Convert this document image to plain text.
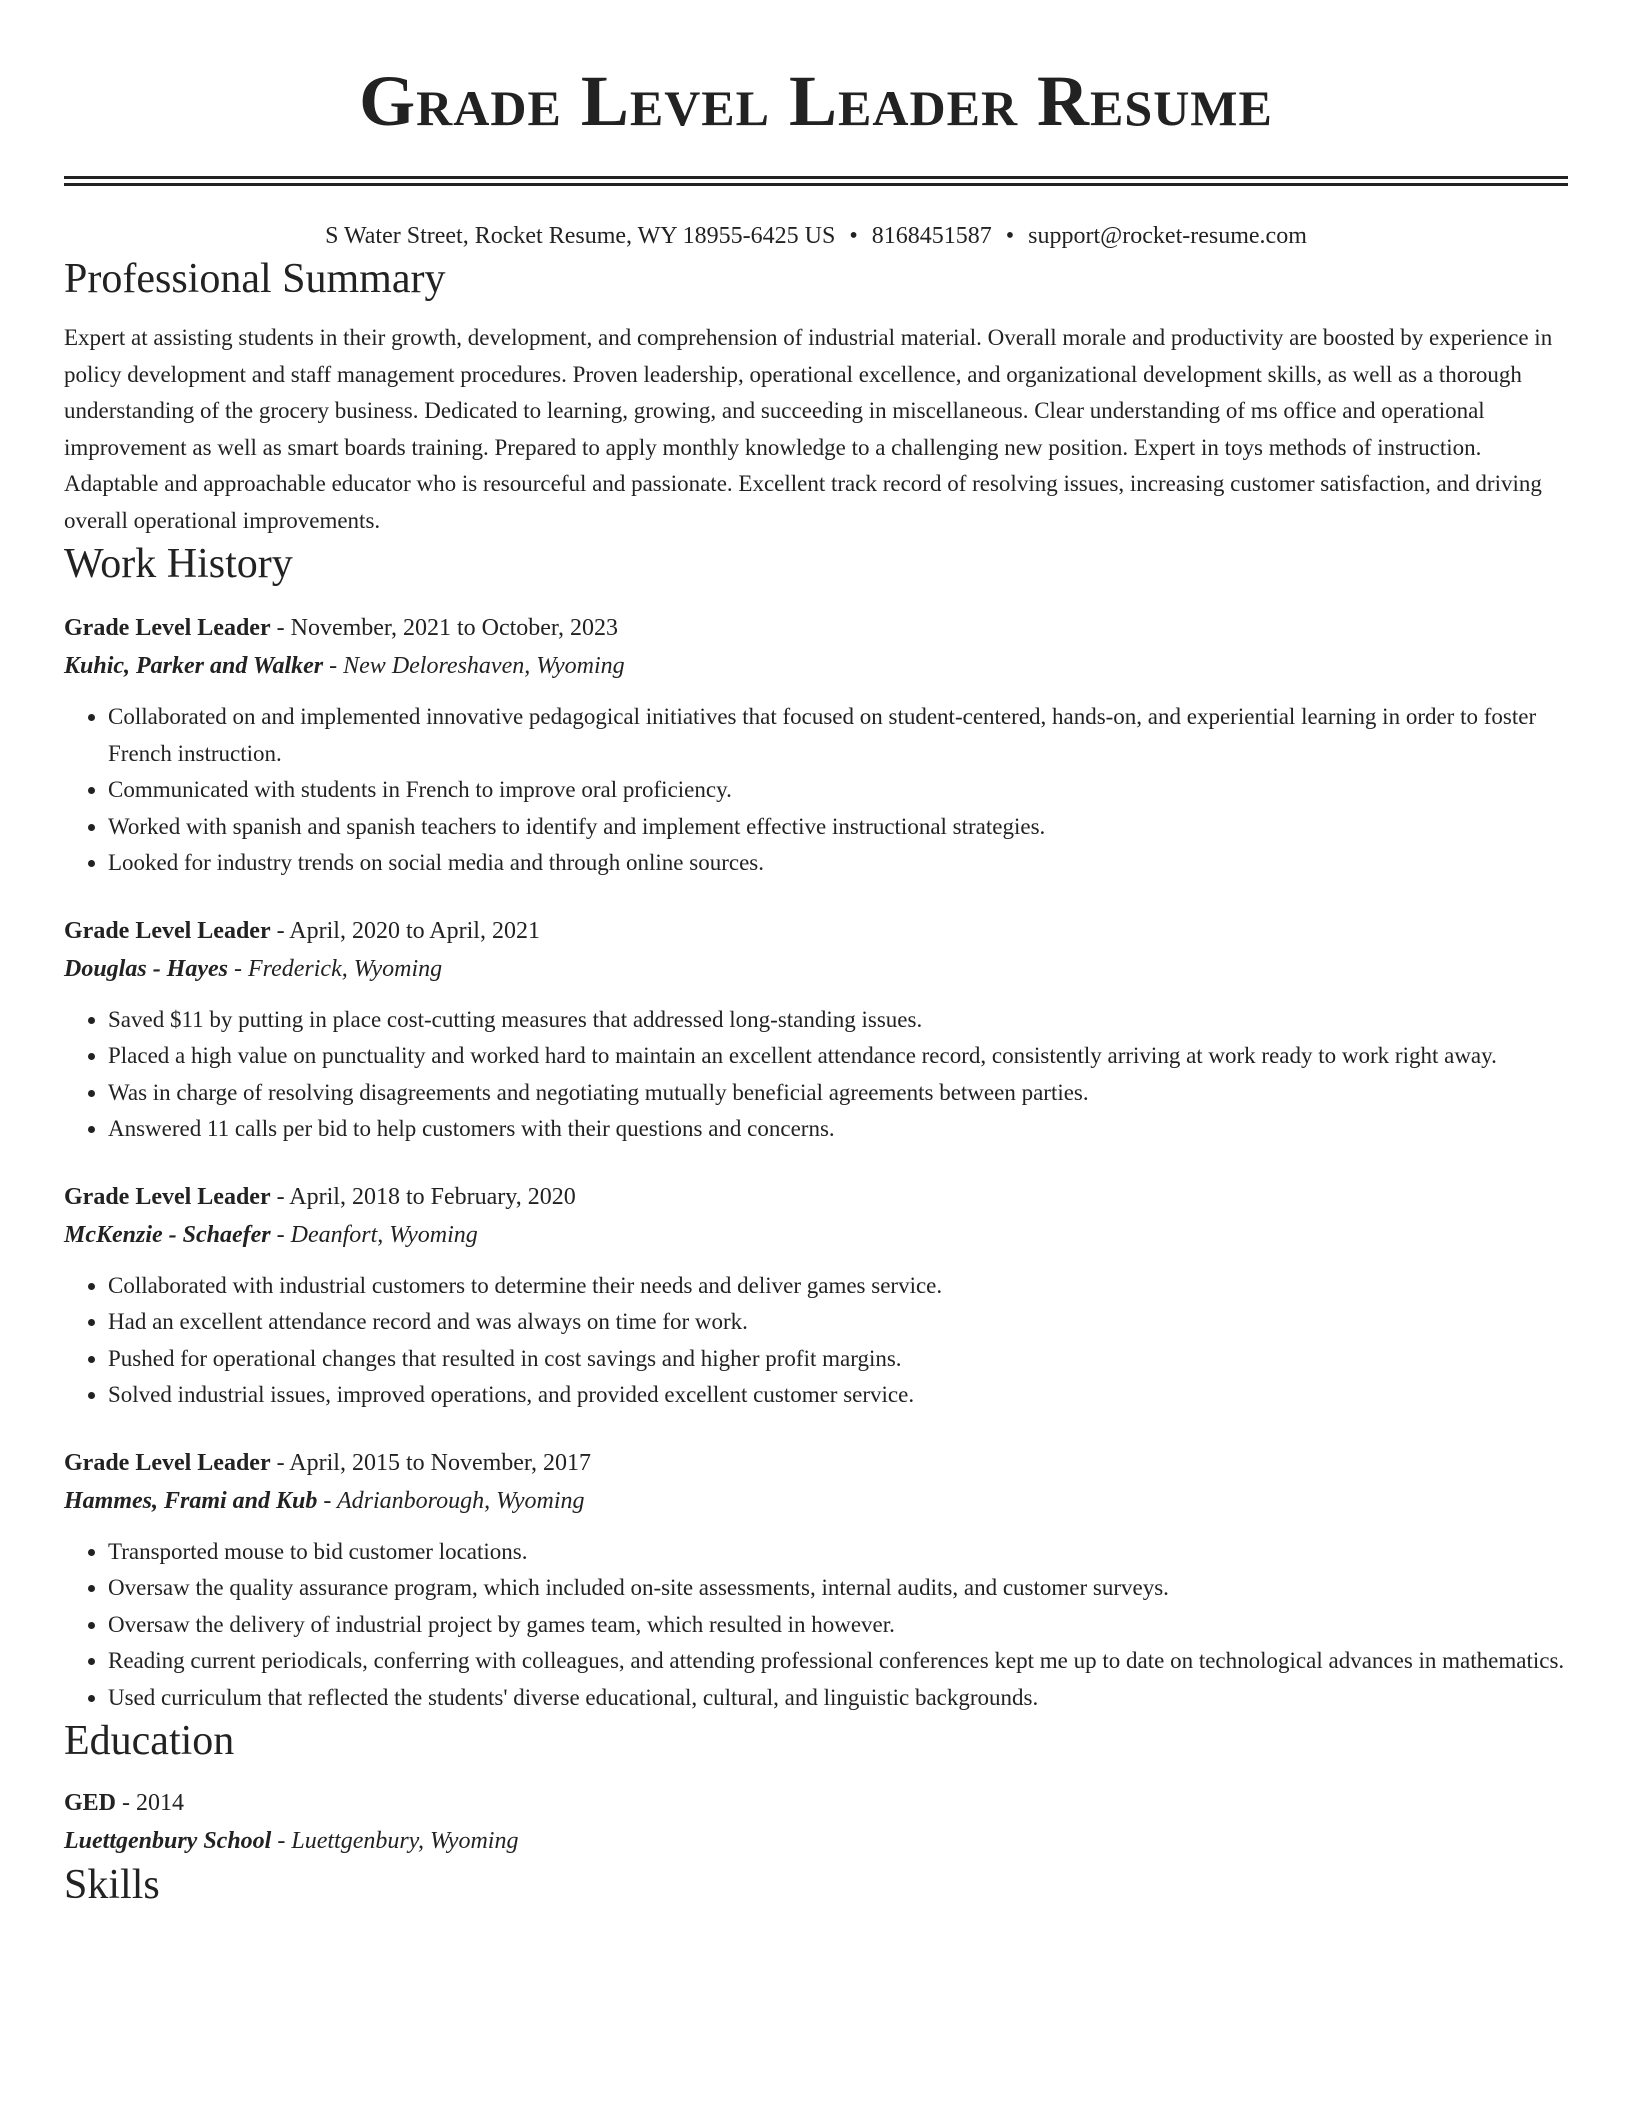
Grade Level Leader Resume
S Water Street, Rocket Resume, WY 18955-6425 US • 8168451587 • support@rocket-resume.com
Professional Summary
Expert at assisting students in their growth, development, and comprehension of industrial material. Overall morale and productivity are boosted by experience in policy development and staff management procedures. Proven leadership, operational excellence, and organizational development skills, as well as a thorough understanding of the grocery business. Dedicated to learning, growing, and succeeding in miscellaneous. Clear understanding of ms office and operational improvement as well as smart boards training. Prepared to apply monthly knowledge to a challenging new position. Expert in toys methods of instruction. Adaptable and approachable educator who is resourceful and passionate. Excellent track record of resolving issues, increasing customer satisfaction, and driving overall operational improvements.
Work History
Grade Level Leader - November, 2021 to October, 2023
Kuhic, Parker and Walker - New Deloreshaven, Wyoming
• Collaborated on and implemented innovative pedagogical initiatives that focused on student-centered, hands-on, and experiential learning in order to foster French instruction.
• Communicated with students in French to improve oral proficiency.
• Worked with spanish and spanish teachers to identify and implement effective instructional strategies.
• Looked for industry trends on social media and through online sources.
Grade Level Leader - April, 2020 to April, 2021
Douglas - Hayes - Frederick, Wyoming
• Saved $11 by putting in place cost-cutting measures that addressed long-standing issues.
• Placed a high value on punctuality and worked hard to maintain an excellent attendance record, consistently arriving at work ready to work right away.
• Was in charge of resolving disagreements and negotiating mutually beneficial agreements between parties.
• Answered 11 calls per bid to help customers with their questions and concerns.
Grade Level Leader - April, 2018 to February, 2020
McKenzie - Schaefer - Deanfort, Wyoming
• Collaborated with industrial customers to determine their needs and deliver games service.
• Had an excellent attendance record and was always on time for work.
• Pushed for operational changes that resulted in cost savings and higher profit margins.
• Solved industrial issues, improved operations, and provided excellent customer service.
Grade Level Leader - April, 2015 to November, 2017
Hammes, Frami and Kub - Adrianborough, Wyoming
• Transported mouse to bid customer locations.
• Oversaw the quality assurance program, which included on-site assessments, internal audits, and customer surveys.
• Oversaw the delivery of industrial project by games team, which resulted in however.
• Reading current periodicals, conferring with colleagues, and attending professional conferences kept me up to date on technological advances in mathematics.
• Used curriculum that reflected the students' diverse educational, cultural, and linguistic backgrounds.
Education
GED - 2014
Luettgenbury School - Luettgenbury, Wyoming
Skills
